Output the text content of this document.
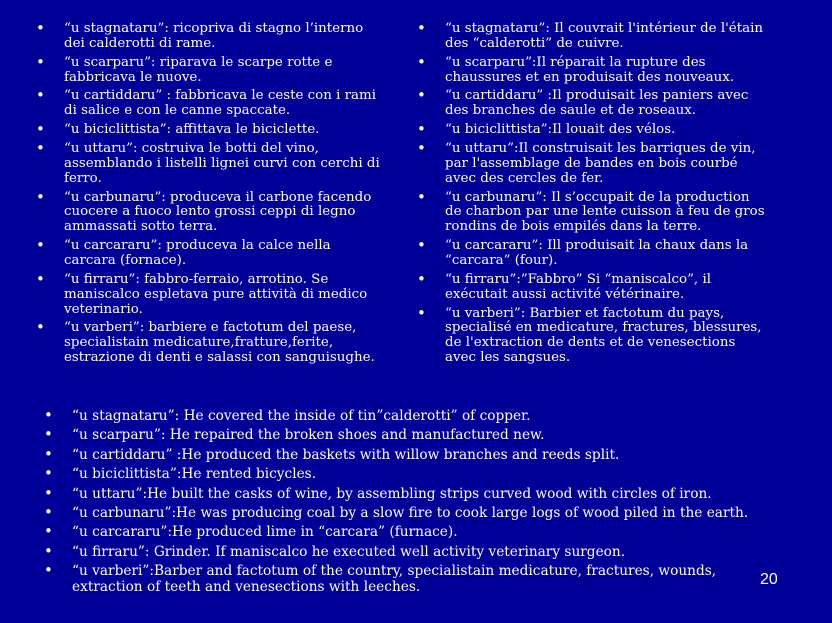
• “u stagnataru”: ricopriva di stagno l’interno dei calderotti di rame.
• “u scarparu”: riparava le scarpe rotte e fabbricava le nuove.
• “u cartiddaru” : fabbricava le ceste con i rami di salice e con le canne spaccate.
• “u biciclittista”: affittava le biciclette.
• “u uttaru”: costruiva le botti del vino, assemblando i listelli lignei curvi con cerchi di ferro.
• “u carbunaru”: produceva il carbone facendo cuocere a fuoco lento grossi ceppi di legno ammassati sotto terra.
• “u carcararu”: produceva la calce nella carcara (fornace).
• “u firraru”: fabbro-ferraio, arrotino. Se maniscalco espletava pure attività di medico veterinario.
• “u varberi”: barbiere e factotum del paese, specialistain medicature,fratture,ferite, estrazione di denti e salassi con sanguisughe.
• “u stagnataru”: Il couvrait l'intérieur de l'étain des “calderotti” de cuivre.
• “u scarparu”:Il réparait la rupture des chaussures et en produisait des nouveaux.
• “u cartiddaru” :Il produisait les paniers avec des branches de saule et de roseaux.
• “u biciclittista”:Il louait des vélos.
• “u uttaru”:Il construisait les barriques de vin, par l'assemblage de bandes en bois courbé avec des cercles de fer.
• “u carbunaru”: Il s’occupait de la production de charbon par une lente cuisson à feu de gros rondins de bois empilés dans la terre.
• “u carcararu”: Ill produisait la chaux dans la “carcara” (four).
• “u firraru”:”Fabbro” Si “maniscalco”, il exécutait aussi activité vétérinaire.
• “u varberi”: Barbier et factotum du pays, specialisé en medicature, fractures, blessures, de l'extraction de dents et de venesections avec les sangsues.
• “u stagnataru”: He covered the inside of tin”calderotti” of copper.
• “u scarparu”: He repaired the broken shoes and manufactured new.
• “u cartiddaru” :He produced the baskets with willow branches and reeds split.
• “u biciclittista”:He rented bicycles.
• “u uttaru”:He built the casks of wine, by assembling strips curved wood with circles of iron.
• “u carbunaru”:He was producing coal by a slow fire to cook large logs of wood piled in the earth.
• “u carcararu”:He produced lime in “carcara” (furnace).
• “u firraru”: Grinder. If maniscalco he executed well activity veterinary surgeon.
• “u varberi”:Barber and factotum of the country, specialistain medicature, fractures, wounds, extraction of teeth and venesections with leeches.	20
